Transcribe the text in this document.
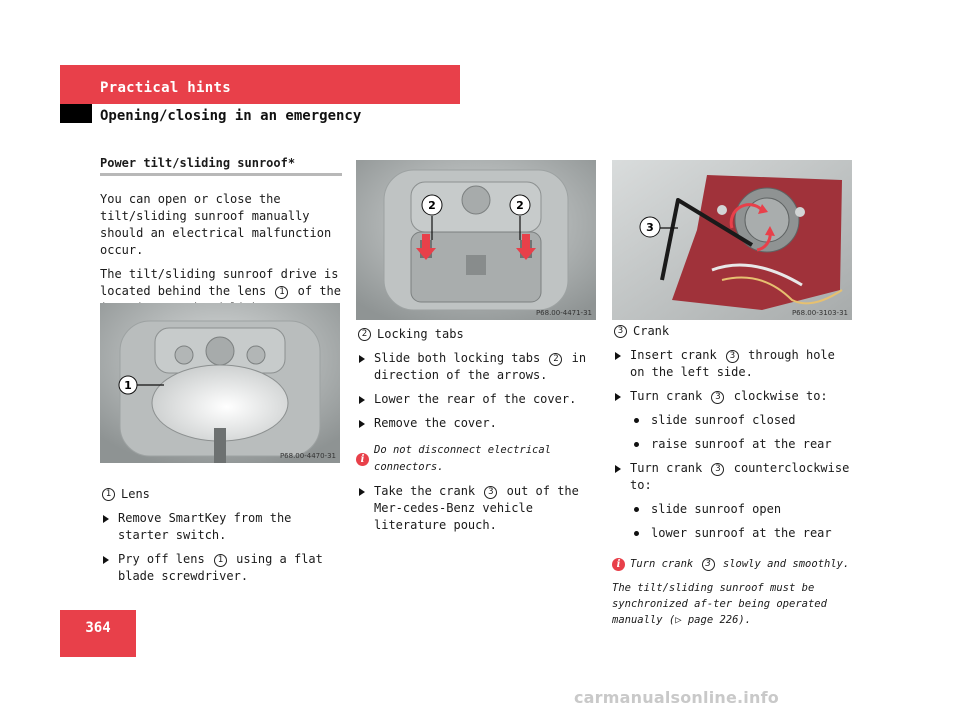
Practical hints
Opening/closing in an emergency

Power tilt/sliding sunroof*

You can open or close the tilt/sliding sunroof manually should an electrical malfunction occur.

The tilt/sliding sunroof drive is located behind the lens 1 of the

1 Lens
Remove SmartKey from the starter switch.
Pry off lens 1 using a flat blade screwdriver.
1
P68.00-4470-31
2	2
P68.00-4471-31
3
P68.00-3103-31
2 Locking tabs
Slide both locking tabs 2 in direction of the arrows.
Lower the rear of the cover.
Remove the cover.
i
Do not disconnect electrical connectors.
Take the crank 3 out of the Mer-cedes-Benz vehicle literature pouch.
3 Crank
Insert crank 3 through hole on the left side.
Turn crank 3 clockwise to:
slide sunroof closed
raise sunroof at the rear
Turn crank 3 counterclockwise to:
slide sunroof open
lower sunroof at the rear
i Turn crank 3 slowly and smoothly.
The tilt/sliding sunroof must be synchronized af-ter being operated manually (▷ page 226).
364
carmanualsonline.info
